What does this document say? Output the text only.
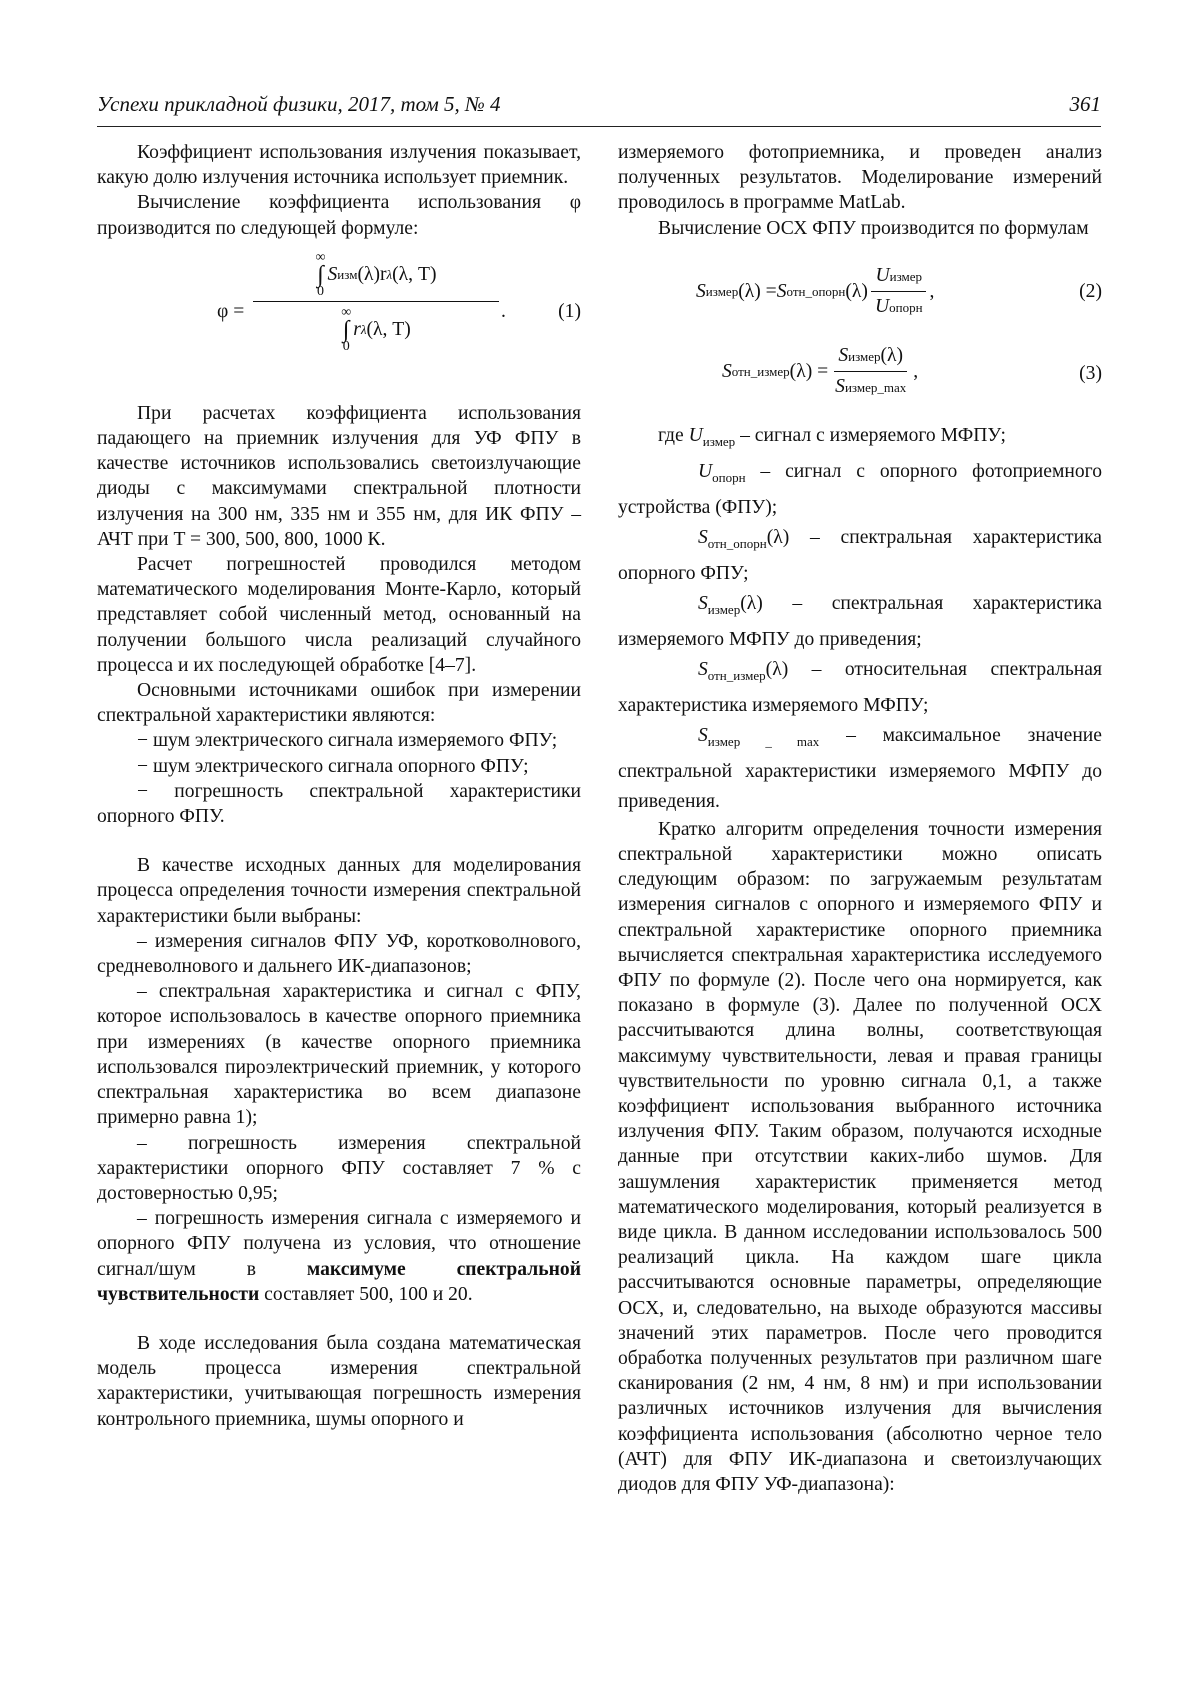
Успехи прикладной физики, 2017, том 5, № 4	361

Коэффициент использования излучения показывает, какую долю излучения источника использует приемник.

Вычисление коэффициента использования φ производится по следующей формуле:

φ =
∞
∫
0
S изм (λ)r λ (λ, T)
∞
∫
0
r λ (λ, T)
.	(1)

При расчетах коэффициента использования падающего на приемник излучения для УФ ФПУ в качестве источников использовались светоизлучающие диоды с максимумами спектральной плотности излучения на 300 нм, 335 нм и 355 нм, для ИК ФПУ – АЧТ при T = 300, 500, 800, 1000 К.

Расчет погрешностей проводился методом математического моделирования Монте-Карло, который представляет собой численный метод, основанный на получении большого числа реализаций случайного процесса и их последующей обработке [4–7].

Основными источниками ошибок при измерении спектральной характеристики являются:

− шум электрического сигнала измеряемого ФПУ;

− шум электрического сигнала опорного ФПУ;

− погрешность спектральной характеристики опорного ФПУ.

В качестве исходных данных для моделирования процесса определения точности измерения спектральной характеристики были выбраны:

– измерения сигналов ФПУ УФ, коротковолнового, средневолнового и дальнего ИК-диапазонов;

– спектральная характеристика и сигнал с ФПУ, которое использовалось в качестве опорного приемника при измерениях (в качестве опорного приемника использовался пироэлектрический приемник, у которого спектральная характеристика во всем диапазоне примерно равна 1);

– погрешность измерения спектральной характеристики опорного ФПУ составляет 7 % с достоверностью 0,95;

– погрешность измерения сигнала с измеряемого и опорного ФПУ получена из условия, что отношение сигнал/шум в максимуме спектральной чувствительности составляет 500, 100 и 20.

В ходе исследования была создана математическая модель процесса измерения спектральной характеристики, учитывающая погрешность измерения контрольного приемника, шумы опорного и

измеряемого фотоприемника, и проведен анализ полученных результатов. Моделирование измерений проводилось в программе MatLab.

Вычисление ОСХ ФПУ производится по формулам

S измер (λ) = S отн_опорн $(\lambda) \frac{\text{Uизмер}}{\text{Uопорн}}$ ,	(2)
S отн_измер $(\lambda) = \frac{\text{Sизмер(λ)}}{\text{Sизмер\_max}}$ ,	(3)

где $U_{измер}$ – сигнал с измеряемого МФПУ;

$U_{опорн}$ – сигнал с опорного фотоприемного устройства (ФПУ);

$S_{отн\_опорн}(\lambda)$ – спектральная характеристика опорного ФПУ;

$S_{измер}(\lambda)$ – спектральная характеристика измеряемого МФПУ до приведения;

$S_{отн\_измер}(\lambda)$ – относительная спектральная характеристика измеряемого МФПУ;

$S_{измер \_ max}$ – максимальное значение спектральной характеристики измеряемого МФПУ до приведения.

Кратко алгоритм определения точности измерения спектральной характеристики можно описать следующим образом: по загружаемым результатам измерения сигналов с опорного и измеряемого ФПУ и спектральной характеристике опорного приемника вычисляется спектральная характеристика исследуемого ФПУ по формуле (2). После чего она нормируется, как показано в формуле (3). Далее по полученной ОСХ рассчитываются длина волны, соответствующая максимуму чувствительности, левая и правая границы чувствительности по уровню сигнала 0,1, а также коэффициент использования выбранного источника излучения ФПУ. Таким образом, получаются исходные данные при отсутствии каких-либо шумов. Для зашумления характеристик применяется метод математического моделирования, который реализуется в виде цикла. В данном исследовании использовалось 500 реализаций цикла. На каждом шаге цикла рассчитываются основные параметры, определяющие ОСХ, и, следовательно, на выходе образуются массивы значений этих параметров. После чего проводится обработка полученных результатов при различном шаге сканирования (2 нм, 4 нм, 8 нм) и при использовании различных источников излучения для вычисления коэффициента использования (абсолютно черное тело (АЧТ) для ФПУ ИК-диапазона и светоизлучающих диодов для ФПУ УФ-диапазона):
